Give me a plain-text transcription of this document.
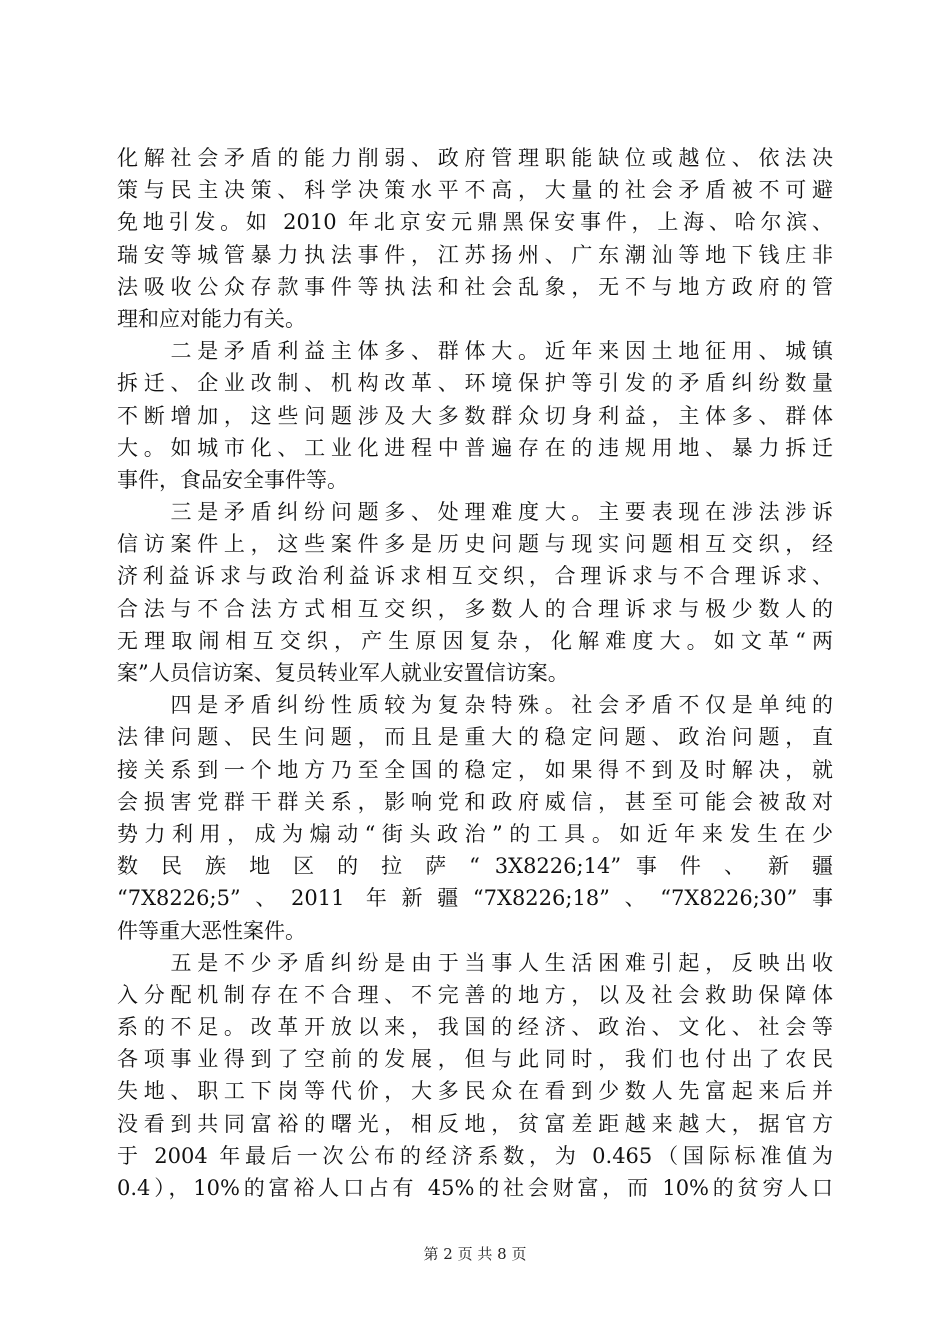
化解社会矛盾的能力削弱、政府管理职能缺位或越位、依法决
策与民主决策、科学决策水平不高，大量的社会矛盾被不可避
免地引发。如 2010 年北京安元鼎黑保安事件，上海、哈尔滨、
瑞安等城管暴力执法事件，江苏扬州、广东潮汕等地下钱庄非
法吸收公众存款事件等执法和社会乱象，无不与地方政府的管
理和应对能力有关。
　　二是矛盾利益主体多、群体大。近年来因土地征用、城镇
拆迁、企业改制、机构改革、环境保护等引发的矛盾纠纷数量
不断增加，这些问题涉及大多数群众切身利益，主体多、群体
大。如城市化、工业化进程中普遍存在的违规用地、暴力拆迁
事件，食品安全事件等。
　　三是矛盾纠纷问题多、处理难度大。主要表现在涉法涉诉
信访案件上，这些案件多是历史问题与现实问题相互交织，经
济利益诉求与政治利益诉求相互交织，合理诉求与不合理诉求、
合法与不合法方式相互交织，多数人的合理诉求与极少数人的
无理取闹相互交织，产生原因复杂，化解难度大。如文革“两
案”人员信访案、复员转业军人就业安置信访案。
　　四是矛盾纠纷性质较为复杂特殊。社会矛盾不仅是单纯的
法律问题、民生问题，而且是重大的稳定问题、政治问题，直
接关系到一个地方乃至全国的稳定，如果得不到及时解决，就
会损害党群干群关系，影响党和政府威信，甚至可能会被敌对
势力利用，成为煽动“街头政治”的工具。如近年来发生在少
数 民 族 地 区 的 拉 萨 “ 3X8226;14” 事 件 、 新 疆
“7X8226;5”、2011 年新疆“7X8226;18”、“7X8226;30”事
件等重大恶性案件。
　　五是不少矛盾纠纷是由于当事人生活困难引起，反映出收
入分配机制存在不合理、不完善的地方，以及社会救助保障体
系的不足。改革开放以来，我国的经济、政治、文化、社会等
各项事业得到了空前的发展，但与此同时，我们也付出了农民
失地、职工下岗等代价，大多民众在看到少数人先富起来后并
没看到共同富裕的曙光，相反地，贫富差距越来越大，据官方
于 2004 年最后一次公布的经济系数，为 0.465（国际标准值为
0.4），10%的富裕人口占有 45%的社会财富，而 10%的贫穷人口
第 2 页 共 8 页
